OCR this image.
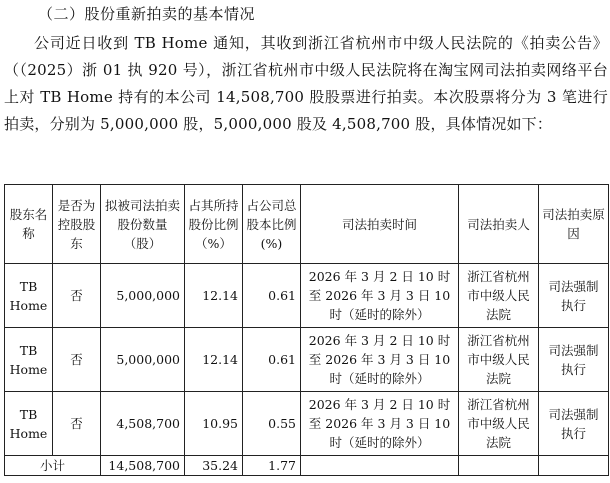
（二）股份重新拍卖的基本情况
公司近日收到 TB Home 通知，其收到浙江省杭州市中级人民法院的《拍卖公告》（（2025）浙 01 执 920 号），浙江省杭州市中级人民法院将在淘宝网司法拍卖网络平台上对 TB Home 持有的本公司 14,508,700 股股票进行拍卖。本次股票将分为 3 笔进行拍卖，分别为 5,000,000 股，5,000,000 股及 4,508,700 股，具体情况如下：
股东名称	是否为控股股东	拟被司法拍卖股份数量（股）	占其所持股份比例（%）	占公司总股本比例(%)	司法拍卖时间	司法拍卖人	司法拍卖原因
TB Home	否	5,000,000	12.14	0.61	2026 年 3 月 2 日 10 时至 2026 年 3 月 3 日 10 时（延时的除外）	浙江省杭州市中级人民法院	司法强制执行
TB Home	否	5,000,000	12.14	0.61	2026 年 3 月 2 日 10 时至 2026 年 3 月 3 日 10 时（延时的除外）	浙江省杭州市中级人民法院	司法强制执行
TB Home	否	4,508,700	10.95	0.55	2026 年 3 月 2 日 10 时至 2026 年 3 月 3 日 10 时（延时的除外）	浙江省杭州市中级人民法院	司法强制执行
小计		14,508,700	35.24	1.77			
